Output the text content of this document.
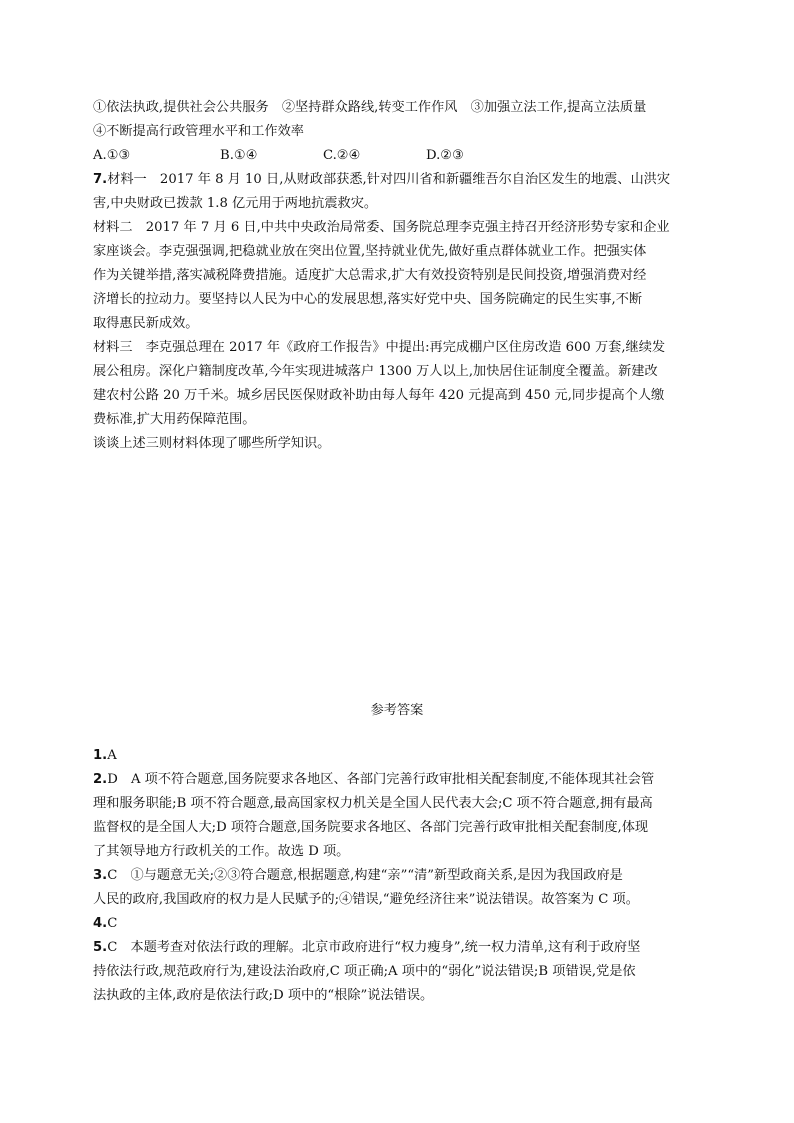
①依法执政,提供社会公共服务　②坚持群众路线,转变工作作风　③加强立法工作,提高立法质量
④不断提高行政管理水平和工作效率
A.①③	B.①④	C.②④	D.②③
7.材料一　2017 年 8 月 10 日,从财政部获悉,针对四川省和新疆维吾尔自治区发生的地震、山洪灾
害,中央财政已拨款 1.8 亿元用于两地抗震救灾。
材料二　2017 年 7 月 6 日,中共中央政治局常委、国务院总理李克强主持召开经济形势专家和企业
家座谈会。李克强强调,把稳就业放在突出位置,坚持就业优先,做好重点群体就业工作。把强实体
作为关键举措,落实减税降费措施。适度扩大总需求,扩大有效投资特别是民间投资,增强消费对经
济增长的拉动力。要坚持以人民为中心的发展思想,落实好党中央、国务院确定的民生实事,不断
取得惠民新成效。
材料三　李克强总理在 2017 年《政府工作报告》中提出:再完成棚户区住房改造 600 万套,继续发
展公租房。深化户籍制度改革,今年实现进城落户 1300 万人以上,加快居住证制度全覆盖。新建改
建农村公路 20 万千米。城乡居民医保财政补助由每人每年 420 元提高到 450 元,同步提高个人缴
费标准,扩大用药保障范围。
谈谈上述三则材料体现了哪些所学知识。
参考答案
1.A
2.D　A 项不符合题意,国务院要求各地区、各部门完善行政审批相关配套制度,不能体现其社会管
理和服务职能;B 项不符合题意,最高国家权力机关是全国人民代表大会;C 项不符合题意,拥有最高
监督权的是全国人大;D 项符合题意,国务院要求各地区、各部门完善行政审批相关配套制度,体现
了其领导地方行政机关的工作。故选 D 项。
3.C　①与题意无关;②③符合题意,根据题意,构建“亲”“清”新型政商关系,是因为我国政府是
人民的政府,我国政府的权力是人民赋予的;④错误,“避免经济往来”说法错误。故答案为 C 项。
4.C
5.C　本题考查对依法行政的理解。北京市政府进行“权力瘦身”,统一权力清单,这有利于政府坚
持依法行政,规范政府行为,建设法治政府,C 项正确;A 项中的“弱化”说法错误;B 项错误,党是依
法执政的主体,政府是依法行政;D 项中的“根除”说法错误。
